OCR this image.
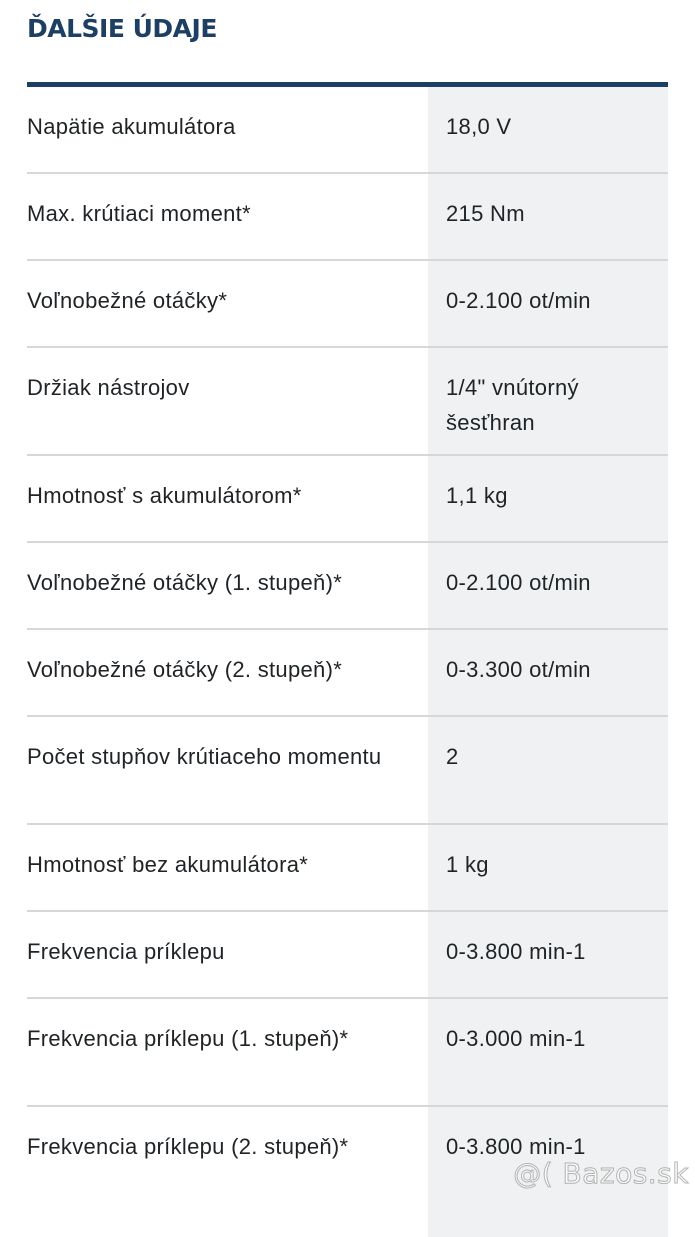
ĎALŠIE ÚDAJE
Napätie akumulátora	18,0 V
Max. krútiaci moment*	215 Nm
Voľnobežné otáčky*	0-2.100 ot/min
Držiak nástrojov	1/4" vnútorný šesťhran
Hmotnosť s akumulátorom*	1,1 kg
Voľnobežné otáčky (1. stupeň)*	0-2.100 ot/min
Voľnobežné otáčky (2. stupeň)*	0-3.300 ot/min
Počet stupňov krútiaceho momentu	2
Hmotnosť bez akumulátora*	1 kg
Frekvencia príklepu	0-3.800 min-1
Frekvencia príklepu (1. stupeň)*	0-3.000 min-1
Frekvencia príklepu (2. stupeň)*	0-3.800 min-1
@( Bazos.sk
